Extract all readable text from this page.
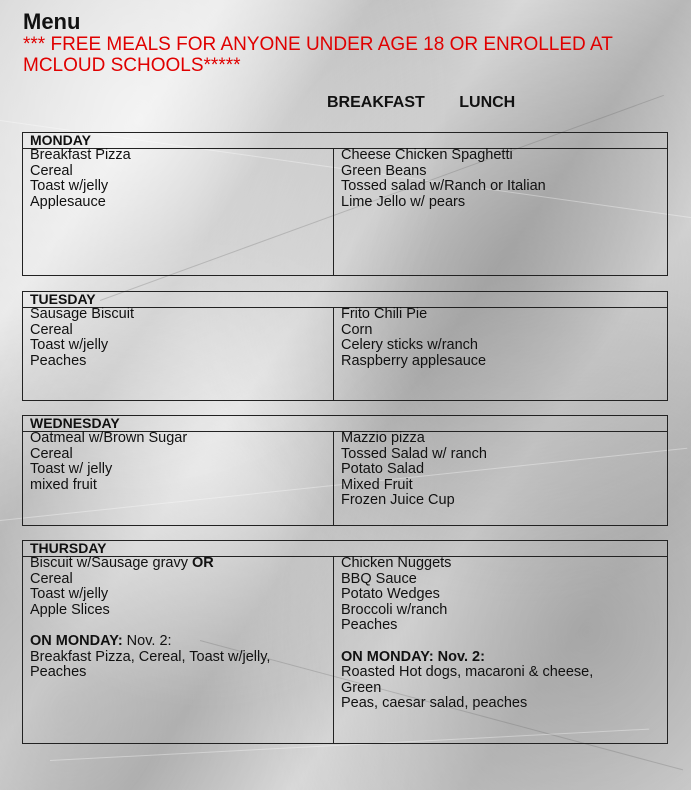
Menu

*** FREE MEALS FOR ANYONE UNDER AGE 18 OR ENROLLED AT MCLOUD SCHOOLS*****

BREAKFAST LUNCH
MONDAY
Breakfast Pizza
Cereal
Toast w/jelly
Applesauce
Cheese Chicken Spaghetti
Green Beans
Tossed salad w/Ranch or Italian
Lime Jello w/ pears
TUESDAY
Sausage Biscuit
Cereal
Toast w/jelly
Peaches
Frito Chili Pie
Corn
Celery sticks w/ranch
Raspberry applesauce
WEDNESDAY
Oatmeal w/Brown Sugar
Cereal
Toast w/ jelly
mixed fruit
Mazzio pizza
Tossed Salad w/ ranch
Potato Salad
Mixed Fruit
Frozen Juice Cup
THURSDAY
Biscuit w/Sausage gravy OR
Cereal
Toast w/jelly
Apple Slices
ON MONDAY: Nov. 2:
Breakfast Pizza, Cereal, Toast w/jelly,
Peaches
Chicken Nuggets
BBQ Sauce
Potato Wedges
Broccoli w/ranch
Peaches
ON MONDAY: Nov. 2:
Roasted Hot dogs, macaroni & cheese,
Green
Peas, caesar salad, peaches
